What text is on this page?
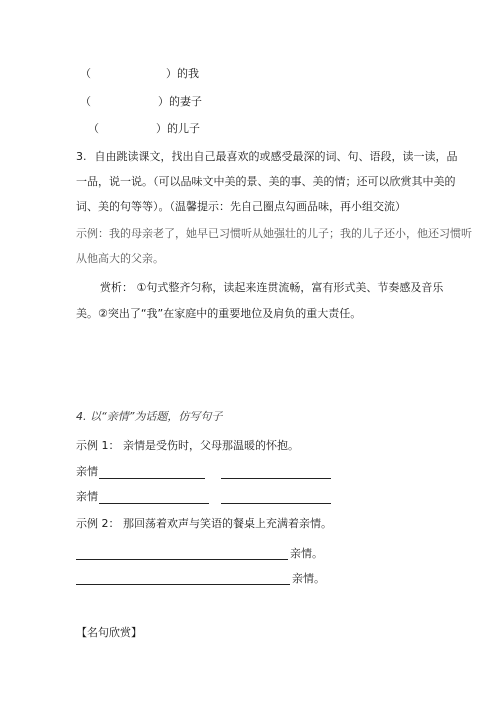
（	）的我
（	）的妻子
（	）的儿子
3. 自由跳读课文，找出自己最喜欢的或感受最深的词、句、语段，读一读，品
一品，说一说。（可以品味文中美的景、美的事、美的情；还可以欣赏其中美的
词、美的句等等）。（温馨提示：先自己圈点勾画品味，再小组交流）
示例：我的母亲老了，她早已习惯听从她强壮的儿子；我的儿子还小，他还习惯听
从他高大的父亲。
赏析： ①句式整齐匀称，读起来连贯流畅，富有形式美、节奏感及音乐
美。②突出了“我”在家庭中的重要地位及肩负的重大责任。
4. 以“亲情”为话题，仿写句子
示例 1： 亲情是受伤时，父母那温暖的怀抱。
亲情
亲情
示例 2： 那回荡着欢声与笑语的餐桌上充满着亲情。
亲情。
亲情。
【名句欣赏】
